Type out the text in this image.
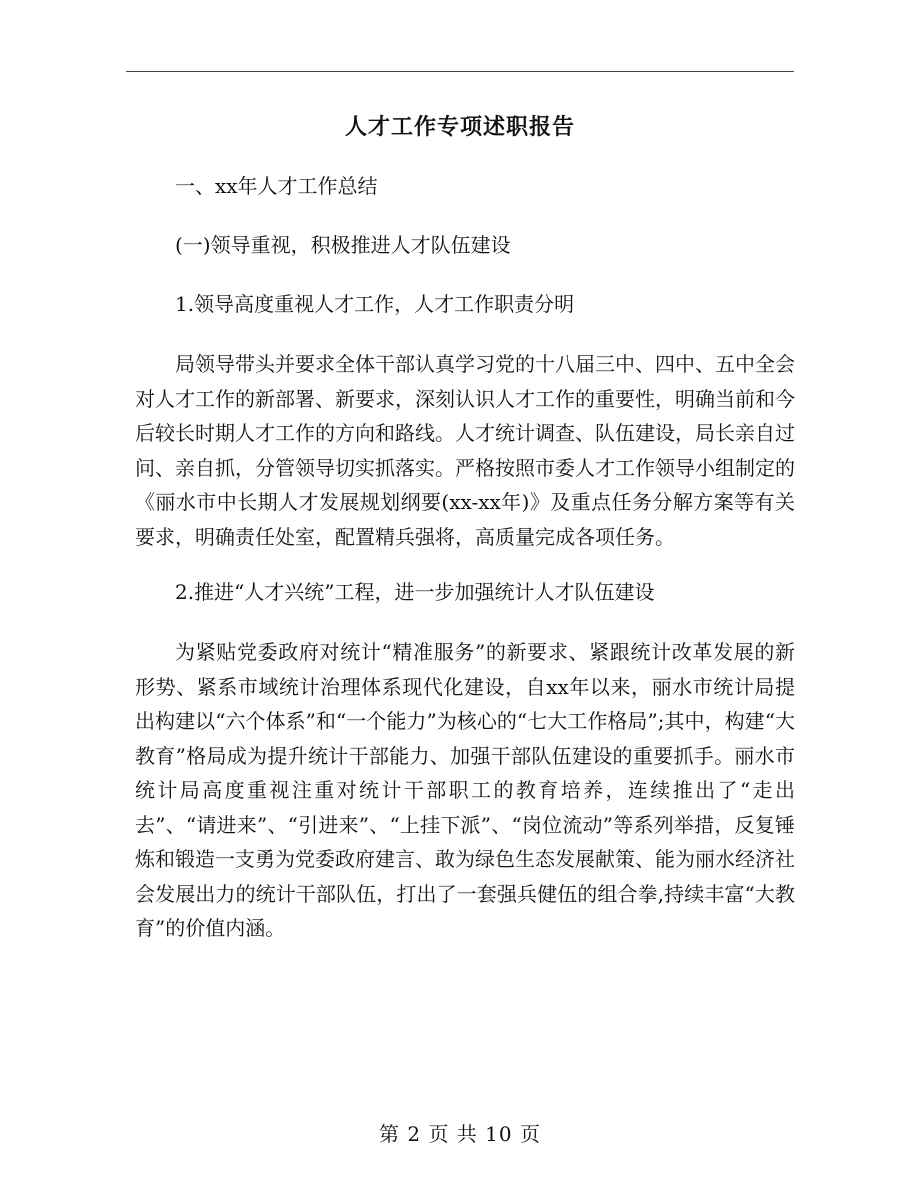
人才工作专项述职报告

一、xx年人才工作总结

(一)领导重视，积极推进人才队伍建设

1.领导高度重视人才工作，人才工作职责分明

局领导带头并要求全体干部认真学习党的十八届三中、四中、五中全会对人才工作的新部署、新要求，深刻认识人才工作的重要性，明确当前和今后较长时期人才工作的方向和路线。人才统计调查、队伍建设，局长亲自过问、亲自抓，分管领导切实抓落实。严格按照市委人才工作领导小组制定的《丽水市中长期人才发展规划纲要(xx-xx年)》及重点任务分解方案等有关要求，明确责任处室，配置精兵强将，高质量完成各项任务。

2.推进“人才兴统”工程，进一步加强统计人才队伍建设

为紧贴党委政府对统计“精准服务”的新要求、紧跟统计改革发展的新形势、紧系市域统计治理体系现代化建设，自xx年以来，丽水市统计局提出构建以“六个体系”和“一个能力”为核心的“七大工作格局”;其中，构建“大教育”格局成为提升统计干部能力、加强干部队伍建设的重要抓手。丽水市统计局高度重视注重对统计干部职工的教育培养，连续推出了“走出去”、“请进来”、“引进来”、“上挂下派”、“岗位流动”等系列举措，反复锤炼和锻造一支勇为党委政府建言、敢为绿色生态发展献策、能为丽水经济社会发展出力的统计干部队伍，打出了一套强兵健伍的组合拳,持续丰富“大教育”的价值内涵。

第 2 页 共 10 页
